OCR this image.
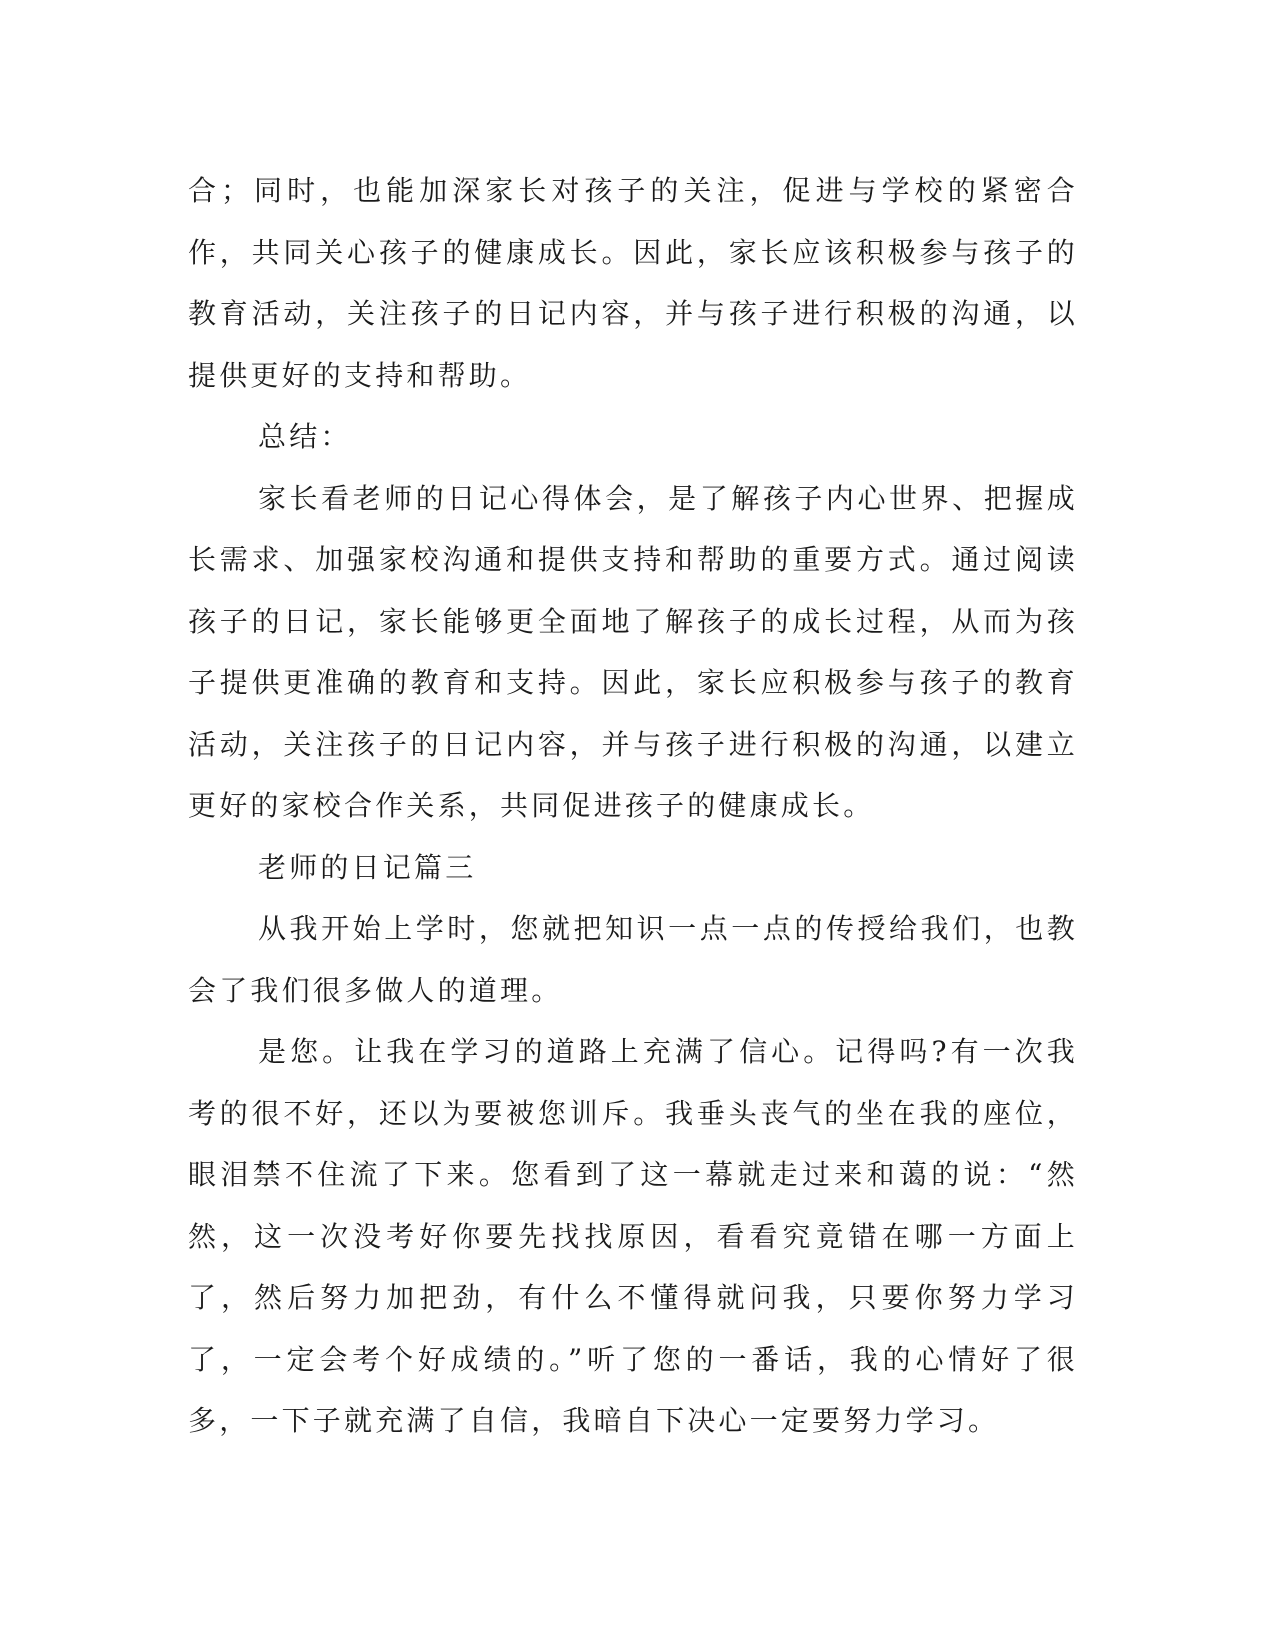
合；同时，也能加深家长对孩子的关注，促进与学校的紧密合作，共同关心孩子的健康成长。因此，家长应该积极参与孩子的教育活动，关注孩子的日记内容，并与孩子进行积极的沟通，以提供更好的支持和帮助。

总结：

家长看老师的日记心得体会，是了解孩子内心世界、把握成长需求、加强家校沟通和提供支持和帮助的重要方式。通过阅读孩子的日记，家长能够更全面地了解孩子的成长过程，从而为孩子提供更准确的教育和支持。因此，家长应积极参与孩子的教育活动，关注孩子的日记内容，并与孩子进行积极的沟通，以建立更好的家校合作关系，共同促进孩子的健康成长。

老师的日记篇三

从我开始上学时，您就把知识一点一点的传授给我们，也教会了我们很多做人的道理。

是您。让我在学习的道路上充满了信心。记得吗?有一次我考的很不好，还以为要被您训斥。我垂头丧气的坐在我的座位，眼泪禁不住流了下来。您看到了这一幕就走过来和蔼的说：“然然，这一次没考好你要先找找原因，看看究竟错在哪一方面上了，然后努力加把劲，有什么不懂得就问我，只要你努力学习了，一定会考个好成绩的。”听了您的一番话，我的心情好了很多，一下子就充满了自信，我暗自下决心一定要努力学习。
